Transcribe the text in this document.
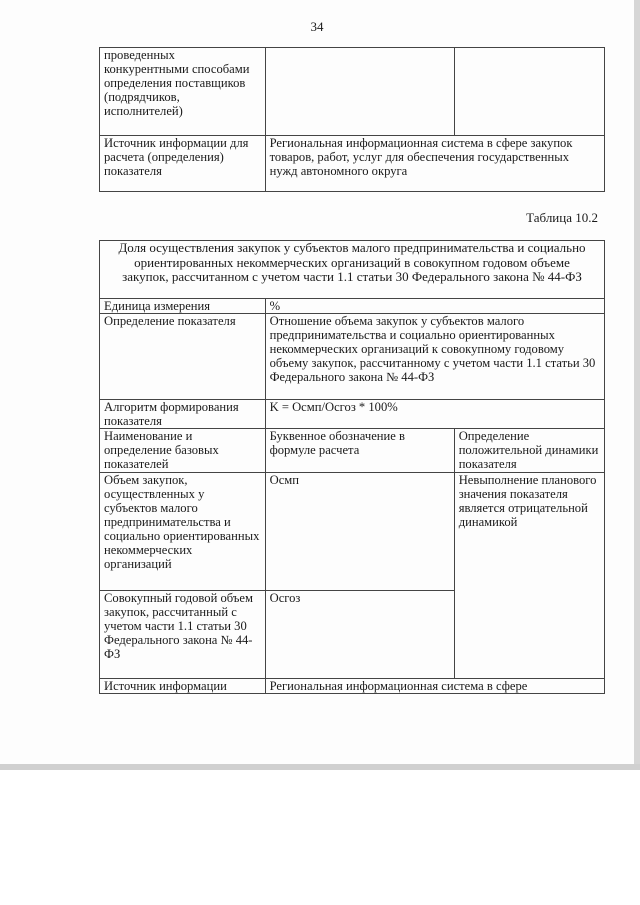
34
проведенных конкурентными способами определения поставщиков (подрядчиков, исполнителей)		
Источник информации для расчета (определения) показателя	Региональная информационная система в сфере закупок товаров, работ, услуг для обеспечения государственных нужд автономного округа	
Таблица 10.2
Доля осуществления закупок у субъектов малого предпринимательства и социально ориентированных некоммерческих организаций в совокупном годовом объеме закупок, рассчитанном с учетом части 1.1 статьи 30 Федерального закона № 44-ФЗ		
Единица измерения	%	
Определение показателя	Отношение объема закупок у субъектов малого предпринимательства и социально ориентированных некоммерческих организаций к совокупному годовому объему закупок, рассчитанному с учетом части 1.1 статьи 30 Федерального закона № 44-ФЗ	
Алгоритм формирования показателя	K = Осмп/Осгоз * 100%	
Наименование и определение базовых показателей	Буквенное обозначение в формуле расчета	Определение положительной динамики показателя
Объем закупок, осуществленных у субъектов малого предпринимательства и социально ориентированных некоммерческих организаций	Осмп	Невыполнение планового значения показателя является отрицательной динамикой
Совокупный годовой объем закупок, рассчитанный с учетом части 1.1 статьи 30 Федерального закона № 44-ФЗ	Осгоз	
Источник информации	Региональная информационная система в сфере	
